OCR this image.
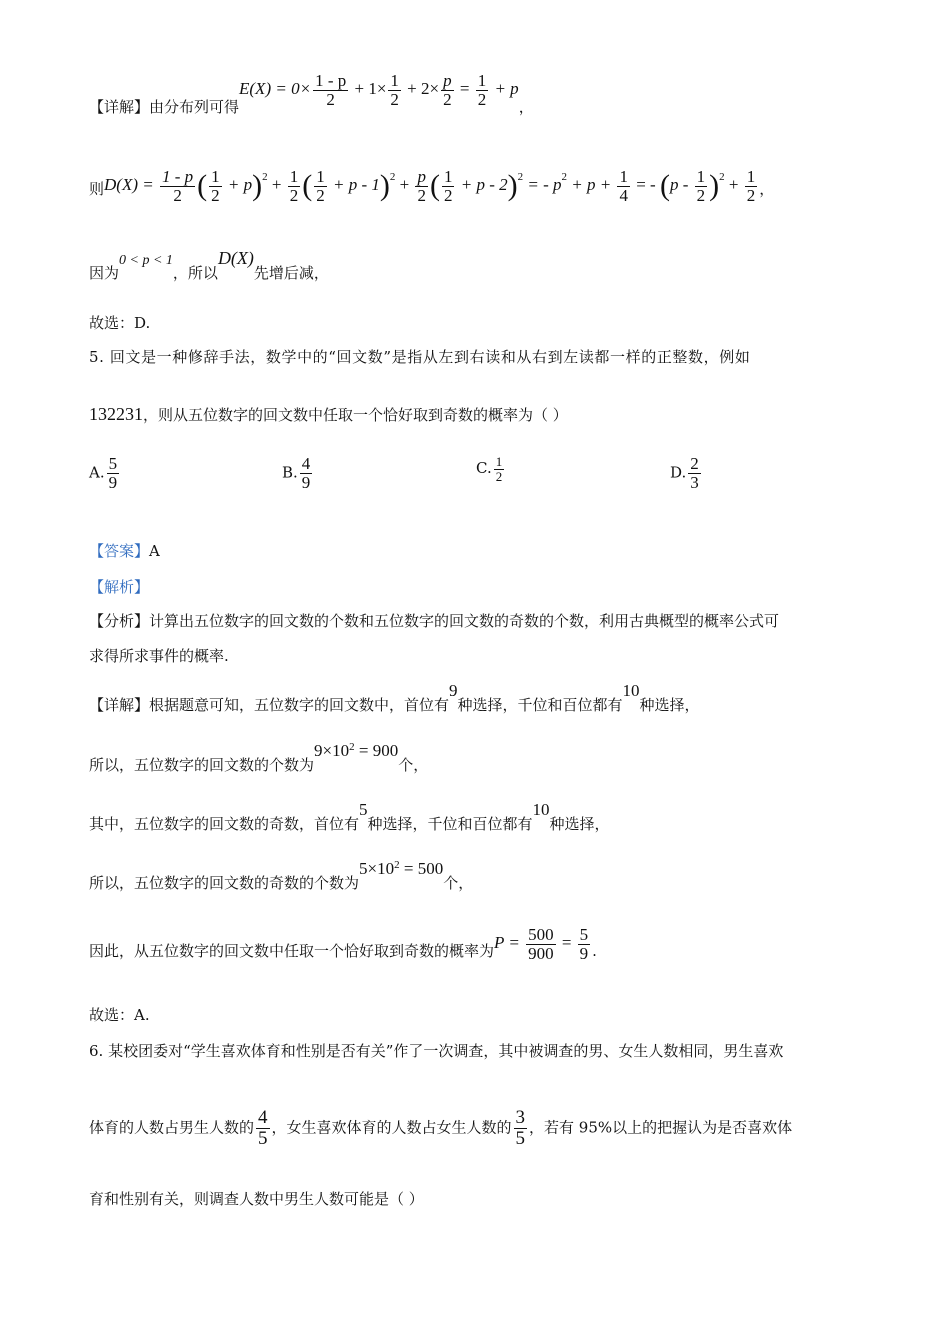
【详解】由分布列可得$E(X) = 0\times \frac{1 - p}{2} + 1\times \frac{1}{2} + 2\times \frac{p}{2} = \frac{1}{2} + p$，
则$D(X) = \frac{1 - p}{2}$ ( $\frac{1}{2} + p)^2 + \frac{1}{2}$ ( $\frac{1}{2} + p - 1)^2 + \frac{p}{2}$ ( $\frac{1}{2} + p - 2)^2$ = - $p^2 + p + \frac{1}{4}$ = - $(p - \frac{1}{2} )^2 + \frac{1}{2}$ ，
因为0 < p < 1，所以D(X)先增后减，
故选：D.
5. 回文是一种修辞手法，数学中的“回文数”是指从左到右读和从右到左读都一样的正整数，例如
132231，则从五位数字的回文数中任取一个恰好取到奇数的概率为（ ）
A. $\frac{5}{9}$	B. $\frac{4}{9}$	C. $\frac{1}{2}$	D. $\frac{2}{3}$
【答案】A
【解析】
【分析】计算出五位数字的回文数的个数和五位数字的回文数的奇数的个数，利用古典概型的概率公式可
求得所求事件的概率.
【详解】根据题意可知，五位数字的回文数中，首位有9种选择，千位和百位都有10种选择，
所以，五位数字的回文数的个数为$9\times 10^2 = 900$个，
其中，五位数字的回文数的奇数，首位有5种选择，千位和百位都有10种选择，
所以，五位数字的回文数的奇数的个数为$5\times 10^2 = 500$个，
因此，从五位数字的回文数中任取一个恰好取到奇数的概率为$P = \frac{500}{900} = \frac{5}{9}$ .
故选：A.
6. 某校团委对“学生喜欢体育和性别是否有关”作了一次调查，其中被调查的男、女生人数相同，男生喜欢
体育的人数占男生人数的 $\frac{4}{5}$ ，女生喜欢体育的人数占女生人数的 $\frac{3}{5}$ ，若有 95%以上的把握认为是否喜欢体
育和性别有关，则调查人数中男生人数可能是（ ）
